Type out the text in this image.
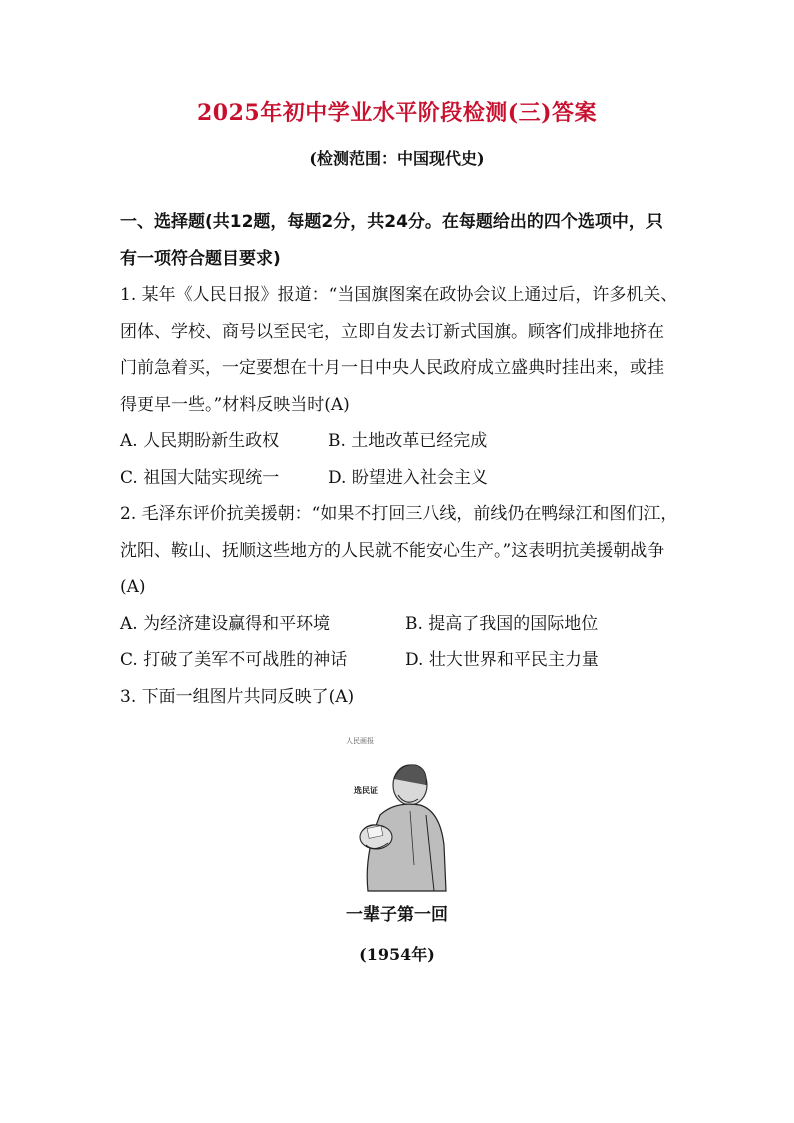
2025年初中学业水平阶段检测(三)答案
(检测范围：中国现代史)

一、选择题(共12题，每题2分，共24分。在每题给出的四个选项中，只有一项符合题目要求)

1. 某年《人民日报》报道：“当国旗图案在政协会议上通过后，许多机关、团体、学校、商号以至民宅，立即自发去订新式国旗。顾客们成排地挤在门前急着买，一定要想在十月一日中央人民政府成立盛典时挂出来，或挂得更早一些。”材料反映当时(A)

A. 人民期盼新生政权	B. 土地改革已经完成
C. 祖国大陆实现统一	D. 盼望进入社会主义

2. 毛泽东评价抗美援朝：“如果不打回三八线，前线仍在鸭绿江和图们江，沈阳、鞍山、抚顺这些地方的人民就不能安心生产。”这表明抗美援朝战争(A)

A. 为经济建设赢得和平环境	B. 提高了我国的国际地位
C. 打破了美军不可战胜的神话	D. 壮大世界和平民主力量

3. 下面一组图片共同反映了(A)

人民画报
选民证
一辈子第一回
(1954年)
